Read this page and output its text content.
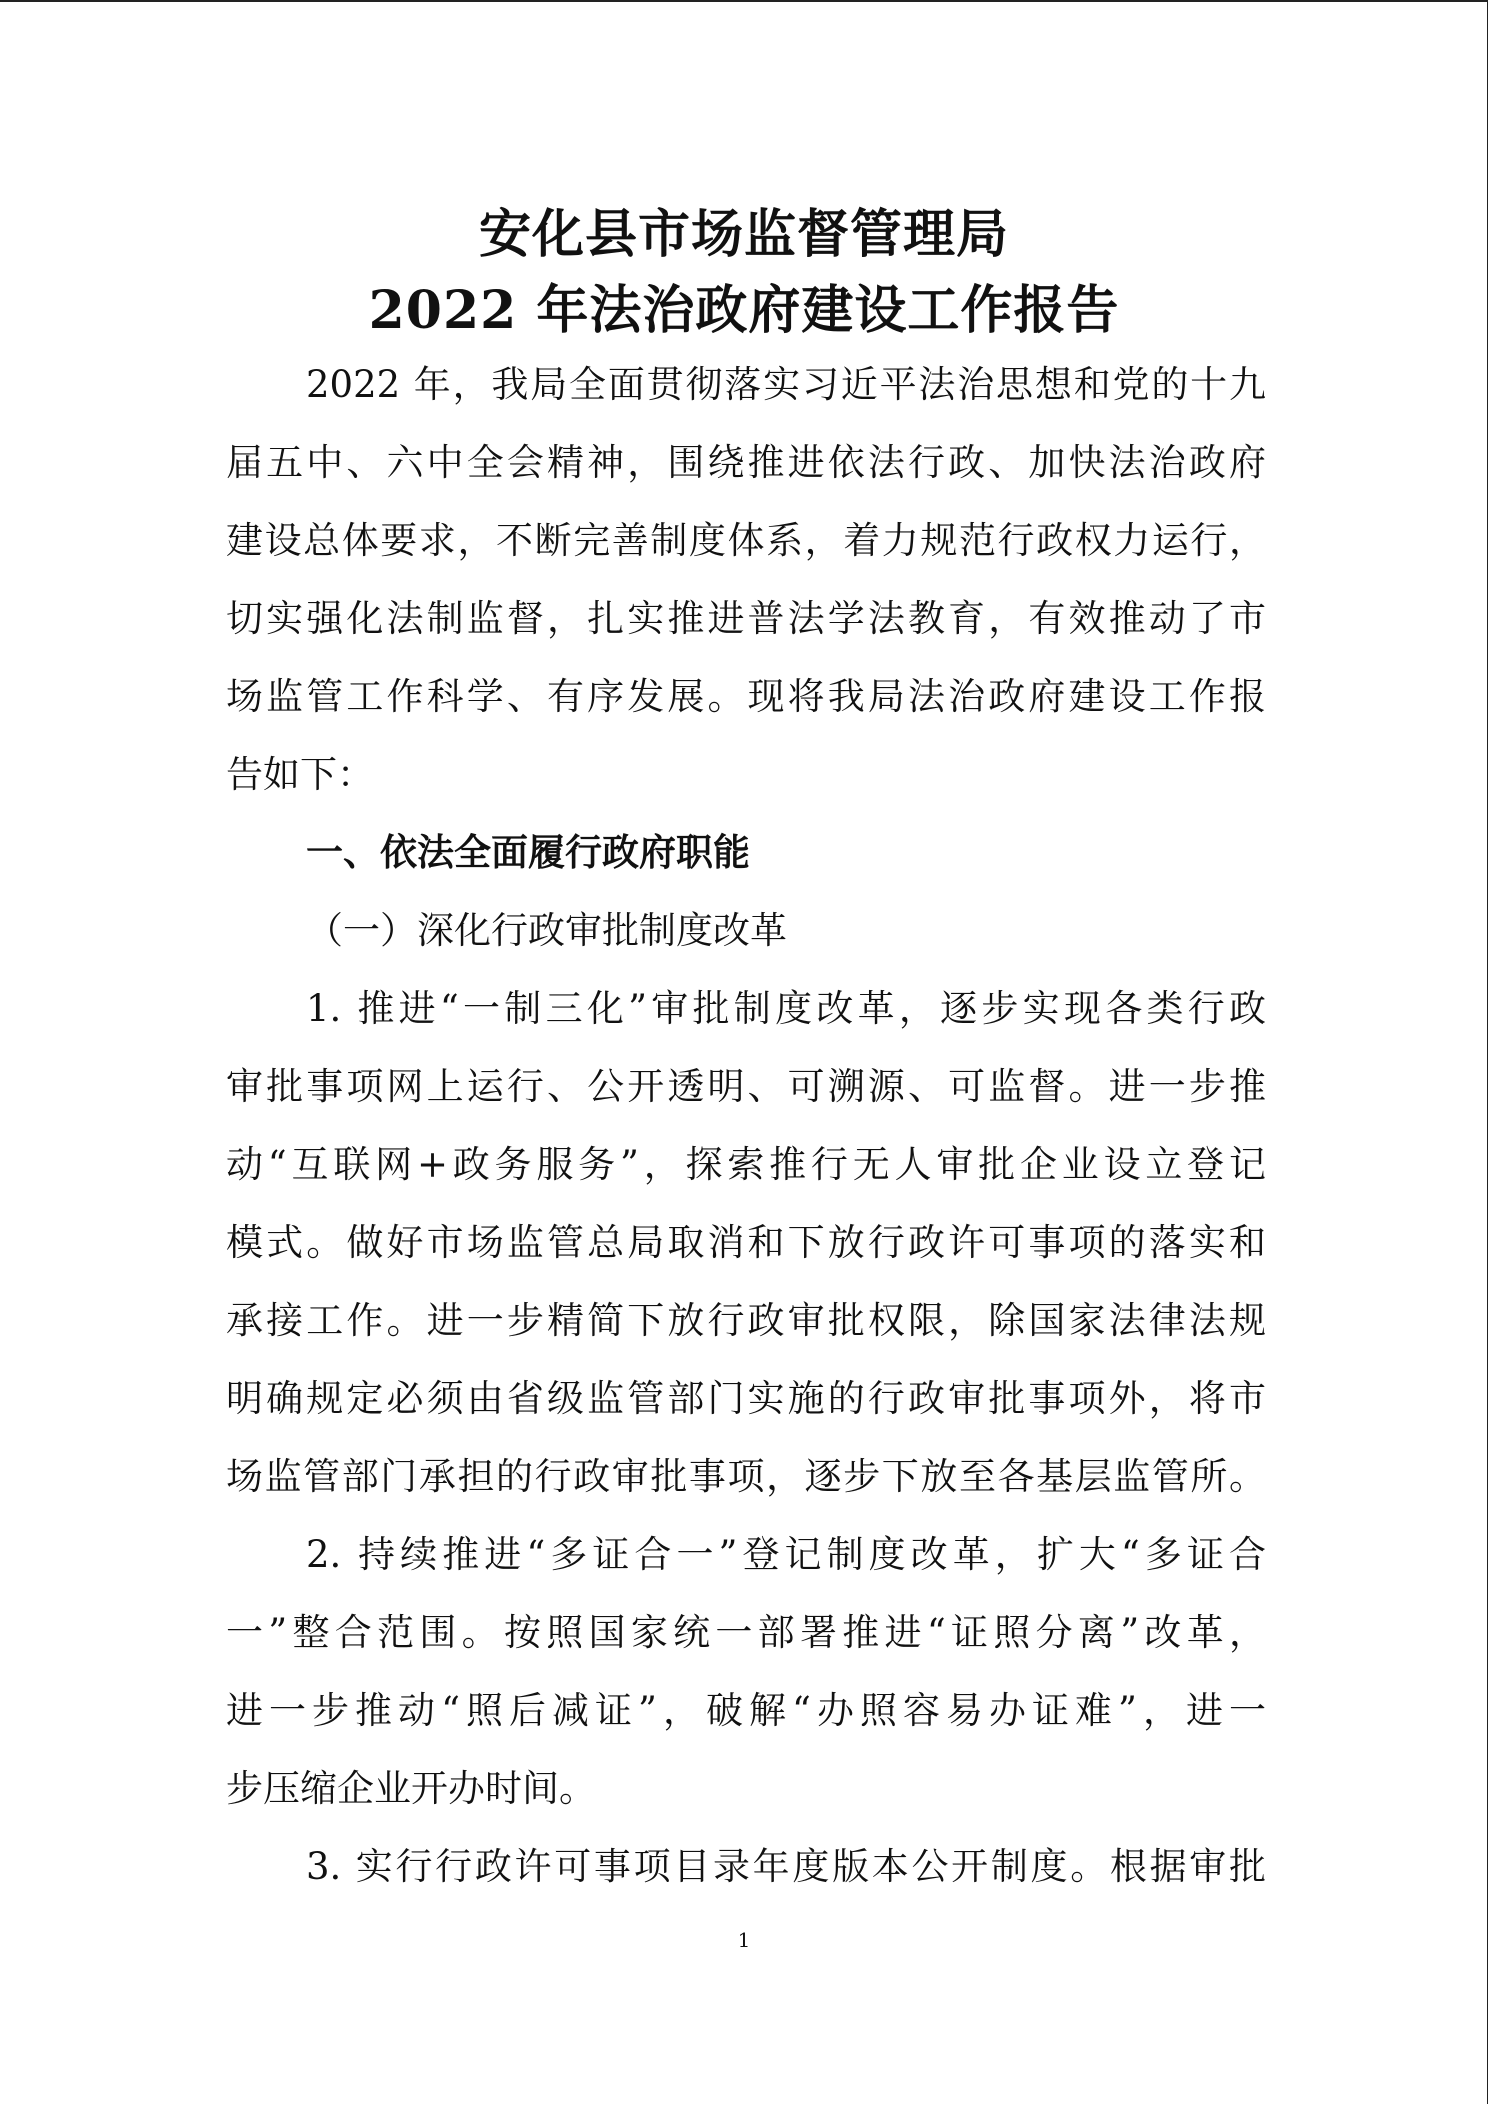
安化县市场监督管理局
2022 年法治政府建设工作报告
2022 年，我局全面贯彻落实习近平法治思想和党的十九
届五中、六中全会精神，围绕推进依法行政、加快法治政府
建设总体要求，不断完善制度体系，着力规范行政权力运行，
切实强化法制监督，扎实推进普法学法教育，有效推动了市
场监管工作科学、有序发展。现将我局法治政府建设工作报
告如下：
一、依法全面履行政府职能
（一）深化行政审批制度改革
1. 推进“一制三化”审批制度改革，逐步实现各类行政
审批事项网上运行、公开透明、可溯源、可监督。进一步推
动“互联网+政务服务”，探索推行无人审批企业设立登记
模式。做好市场监管总局取消和下放行政许可事项的落实和
承接工作。进一步精简下放行政审批权限，除国家法律法规
明确规定必须由省级监管部门实施的行政审批事项外，将市
场监管部门承担的行政审批事项，逐步下放至各基层监管所。
2. 持续推进“多证合一”登记制度改革，扩大“多证合
一”整合范围。按照国家统一部署推进“证照分离”改革，
进一步推动“照后减证”，破解“办照容易办证难”，进一
步压缩企业开办时间。
3. 实行行政许可事项目录年度版本公开制度。根据审批
1
